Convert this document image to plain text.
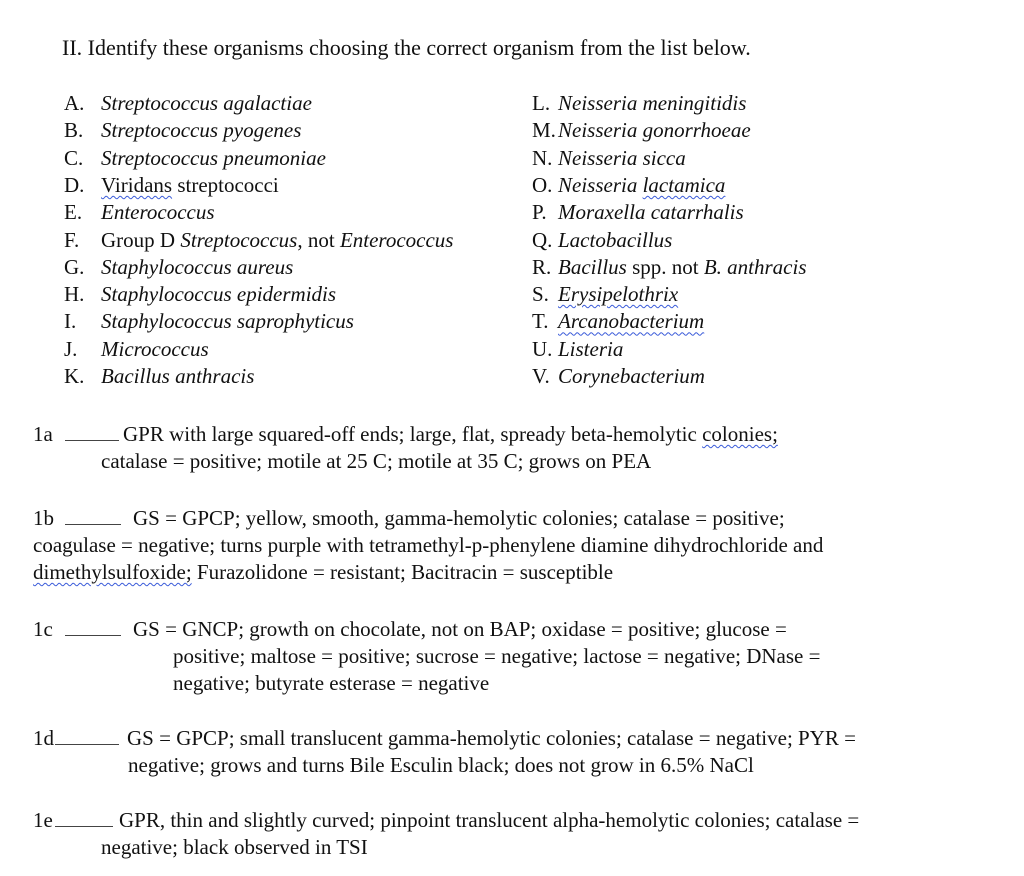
II. Identify these organisms choosing the correct organism from the list below.
A. Streptococcus agalactiae
B. Streptococcus pyogenes
C. Streptococcus pneumoniae
D. Viridans streptococci
E. Enterococcus
F. Group D Streptococcus, not Enterococcus
G. Staphylococcus aureus
H. Staphylococcus epidermidis
I. Staphylococcus saprophyticus
J. Micrococcus
K. Bacillus anthracis
L. Neisseria meningitidis
M.Neisseria gonorrhoeae
N. Neisseria sicca
O. Neisseria lactamica
P. Moraxella catarrhalis
Q. Lactobacillus
R. Bacillus spp. not B. anthracis
S. Erysipelothrix
T. Arcanobacterium
U. Listeria
V. Corynebacterium
1a	GPR with large squared-off ends; large, flat, spready beta-hemolytic colonies;
catalase = positive; motile at 25 C; motile at 35 C; grows on PEA
1b	GS = GPCP; yellow, smooth, gamma-hemolytic colonies; catalase = positive;
coagulase = negative; turns purple with tetramethyl-p-phenylene diamine dihydrochloride and
dimethylsulfoxide; Furazolidone = resistant; Bacitracin = susceptible
1c	GS = GNCP; growth on chocolate, not on BAP; oxidase = positive; glucose =
positive; maltose = positive; sucrose = negative; lactose = negative; DNase =
negative; butyrate esterase = negative
1d	GS = GPCP; small translucent gamma-hemolytic colonies; catalase = negative; PYR =
negative; grows and turns Bile Esculin black; does not grow in 6.5% NaCl
1e	GPR, thin and slightly curved; pinpoint translucent alpha-hemolytic colonies; catalase =
negative; black observed in TSI
